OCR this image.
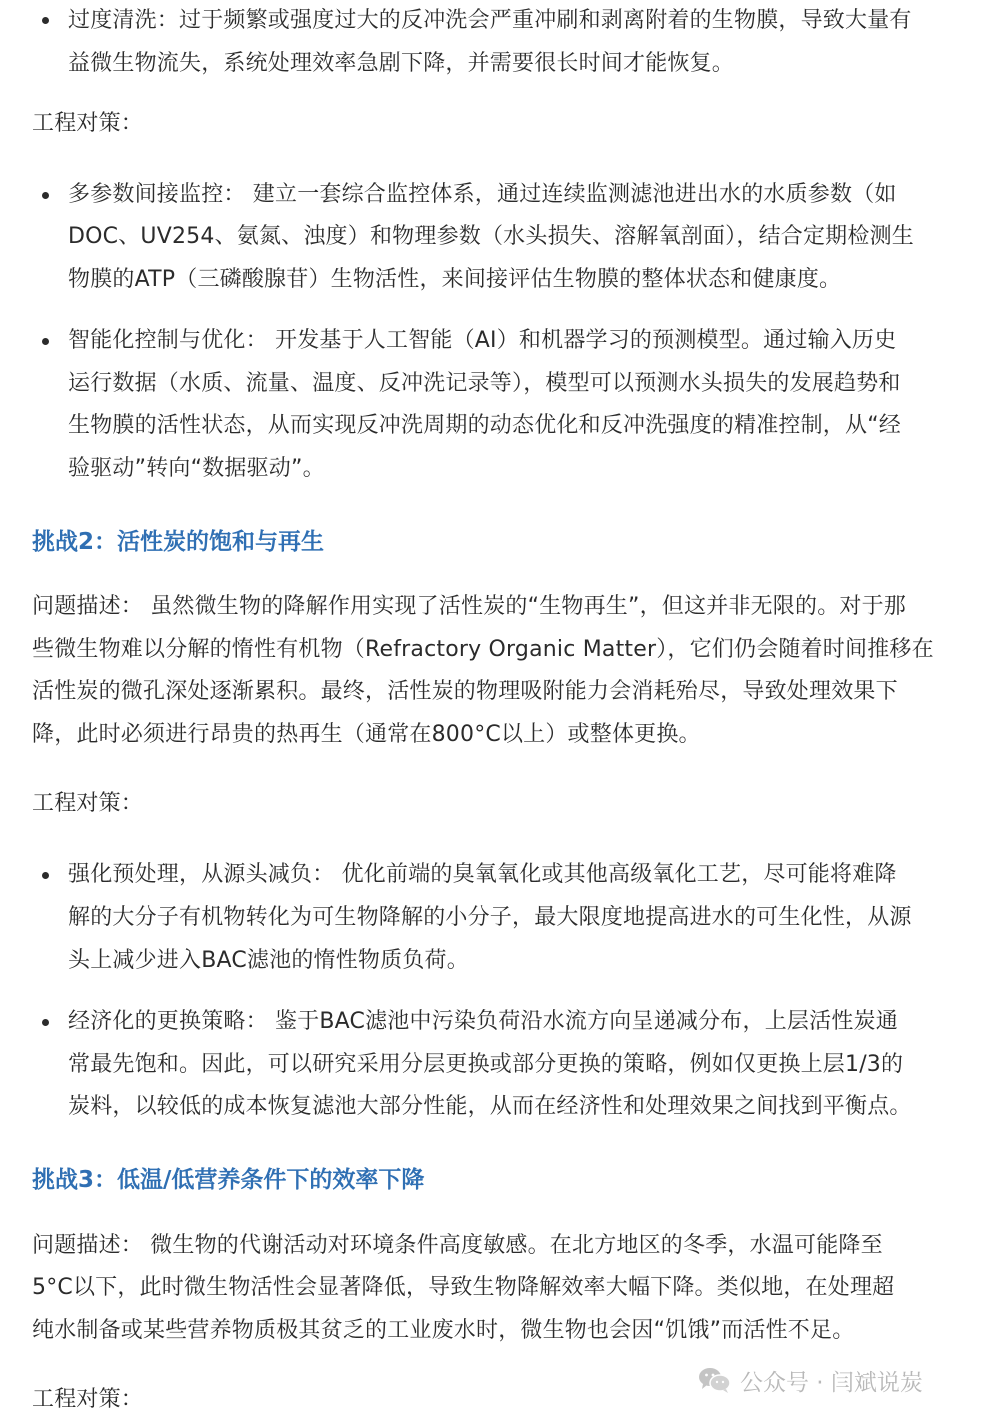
过度清洗：过于频繁或强度过大的反冲洗会严重冲刷和剥离附着的生物膜，导致大量有
益微生物流失，系统处理效率急剧下降，并需要很长时间才能恢复。
工程对策：
多参数间接监控： 建立一套综合监控体系，通过连续监测滤池进出水的水质参数（如
DOC、UV254、氨氮、浊度）和物理参数（水头损失、溶解氧剖面），结合定期检测生
物膜的ATP（三磷酸腺苷）生物活性，来间接评估生物膜的整体状态和健康度。
智能化控制与优化： 开发基于人工智能（AI）和机器学习的预测模型。通过输入历史
运行数据（水质、流量、温度、反冲洗记录等），模型可以预测水头损失的发展趋势和
生物膜的活性状态，从而实现反冲洗周期的动态优化和反冲洗强度的精准控制，从“经
验驱动”转向“数据驱动”。
挑战2：活性炭的饱和与再生
问题描述： 虽然微生物的降解作用实现了活性炭的“生物再生”，但这并非无限的。对于那
些微生物难以分解的惰性有机物（Refractory Organic Matter），它们仍会随着时间推移在
活性炭的微孔深处逐渐累积。最终，活性炭的物理吸附能力会消耗殆尽，导致处理效果下
降，此时必须进行昂贵的热再生（通常在800°C以上）或整体更换。
工程对策：
强化预处理，从源头减负： 优化前端的臭氧氧化或其他高级氧化工艺，尽可能将难降
解的大分子有机物转化为可生物降解的小分子，最大限度地提高进水的可生化性，从源
头上减少进入BAC滤池的惰性物质负荷。
经济化的更换策略： 鉴于BAC滤池中污染负荷沿水流方向呈递减分布，上层活性炭通
常最先饱和。因此，可以研究采用分层更换或部分更换的策略，例如仅更换上层1/3的
炭料，以较低的成本恢复滤池大部分性能，从而在经济性和处理效果之间找到平衡点。
挑战3：低温/低营养条件下的效率下降
问题描述： 微生物的代谢活动对环境条件高度敏感。在北方地区的冬季，水温可能降至
5°C以下，此时微生物活性会显著降低，导致生物降解效率大幅下降。类似地，在处理超
纯水制备或某些营养物质极其贫乏的工业废水时，微生物也会因“饥饿”而活性不足。
工程对策：
公众号 · 闫斌说炭
